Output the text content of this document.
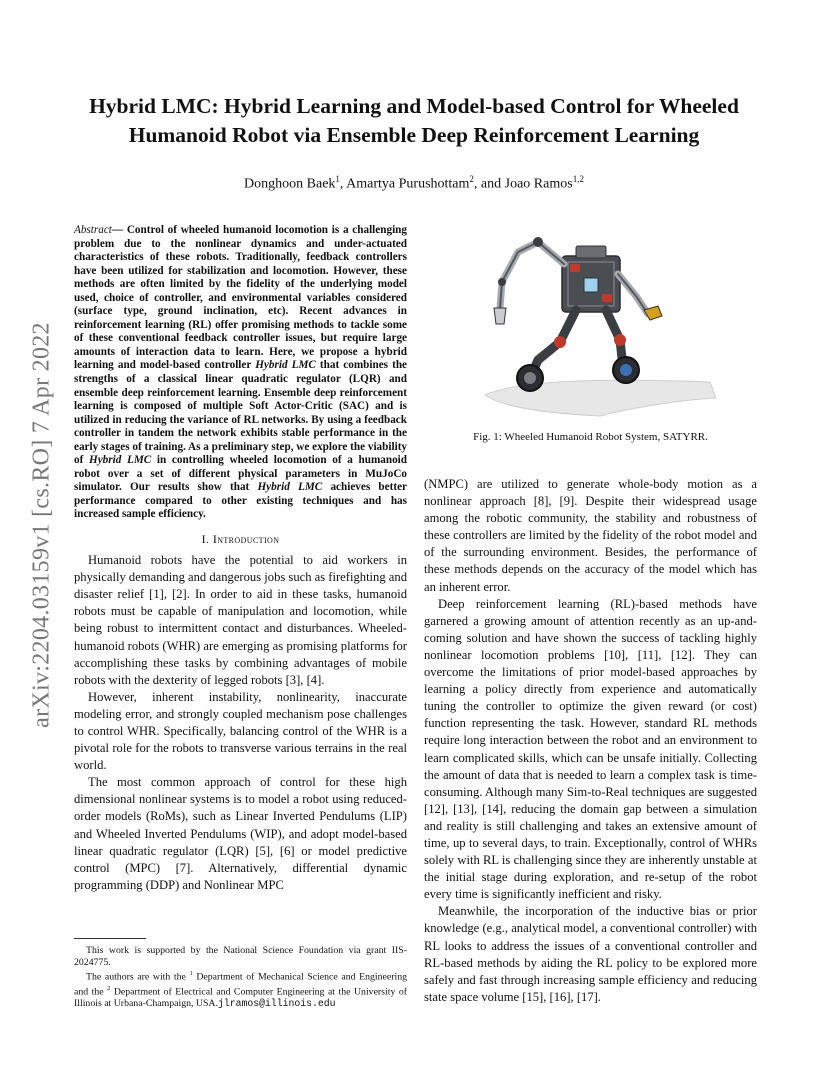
arXiv:2204.03159v1 [cs.RO] 7 Apr 2022
Hybrid LMC: Hybrid Learning and Model-based Control for Wheeled Humanoid Robot via Ensemble Deep Reinforcement Learning
Donghoon Baek$^1$, Amartya Purushottam$^2$, and Joao Ramos$^{1,2}$

Abstract— Control of wheeled humanoid locomotion is a challenging problem due to the nonlinear dynamics and under-actuated characteristics of these robots. Traditionally, feedback controllers have been utilized for stabilization and locomotion. However, these methods are often limited by the fidelity of the underlying model used, choice of controller, and environmental variables considered (surface type, ground inclination, etc). Recent advances in reinforcement learning (RL) offer promising methods to tackle some of these conventional feedback controller issues, but require large amounts of interaction data to learn. Here, we propose a hybrid learning and model-based controller Hybrid LMC that combines the strengths of a classical linear quadratic regulator (LQR) and ensemble deep reinforcement learning. Ensemble deep reinforcement learning is composed of multiple Soft Actor-Critic (SAC) and is utilized in reducing the variance of RL networks. By using a feedback controller in tandem the network exhibits stable performance in the early stages of training. As a preliminary step, we explore the viability of Hybrid LMC in controlling wheeled locomotion of a humanoid robot over a set of different physical parameters in MuJoCo simulator. Our results show that Hybrid LMC achieves better performance compared to other existing techniques and has increased sample efficiency.

I. Introduction

Humanoid robots have the potential to aid workers in physically demanding and dangerous jobs such as firefighting and disaster relief [1], [2]. In order to aid in these tasks, humanoid robots must be capable of manipulation and locomotion, while being robust to intermittent contact and disturbances. Wheeled-humanoid robots (WHR) are emerging as promising platforms for accomplishing these tasks by combining advantages of mobile robots with the dexterity of legged robots [3], [4].

However, inherent instability, nonlinearity, inaccurate modeling error, and strongly coupled mechanism pose challenges to control WHR. Specifically, balancing control of the WHR is a pivotal role for the robots to transverse various terrains in the real world.

The most common approach of control for these high dimensional nonlinear systems is to model a robot using reduced-order models (RoMs), such as Linear Inverted Pendulums (LIP) and Wheeled Inverted Pendulums (WIP), and adopt model-based linear quadratic regulator (LQR) [5], [6] or model predictive control (MPC) [7]. Alternatively, differential dynamic programming (DDP) and Nonlinear MPC

This work is supported by the National Science Foundation via grant IIS-2024775.

The authors are with the $^1$ Department of Mechanical Science and Engineering and the $^2$ Department of Electrical and Computer Engineering at the University of Illinois at Urbana-Champaign, USA.jlramos@illinois.edu

Fig. 1: Wheeled Humanoid Robot System, SATYRR.

(NMPC) are utilized to generate whole-body motion as a nonlinear approach [8], [9]. Despite their widespread usage among the robotic community, the stability and robustness of these controllers are limited by the fidelity of the robot model and of the surrounding environment. Besides, the performance of these methods depends on the accuracy of the model which has an inherent error.

Deep reinforcement learning (RL)-based methods have garnered a growing amount of attention recently as an up-and-coming solution and have shown the success of tackling highly nonlinear locomotion problems [10], [11], [12]. They can overcome the limitations of prior model-based approaches by learning a policy directly from experience and automatically tuning the controller to optimize the given reward (or cost) function representing the task. However, standard RL methods require long interaction between the robot and an environment to learn complicated skills, which can be unsafe initially. Collecting the amount of data that is needed to learn a complex task is time-consuming. Although many Sim-to-Real techniques are suggested [12], [13], [14], reducing the domain gap between a simulation and reality is still challenging and takes an extensive amount of time, up to several days, to train. Exceptionally, control of WHRs solely with RL is challenging since they are inherently unstable at the initial stage during exploration, and re-setup of the robot every time is significantly inefficient and risky.

Meanwhile, the incorporation of the inductive bias or prior knowledge (e.g., analytical model, a conventional controller) with RL looks to address the issues of a conventional controller and RL-based methods by aiding the RL policy to be explored more safely and fast through increasing sample efficiency and reducing state space volume [15], [16], [17].
